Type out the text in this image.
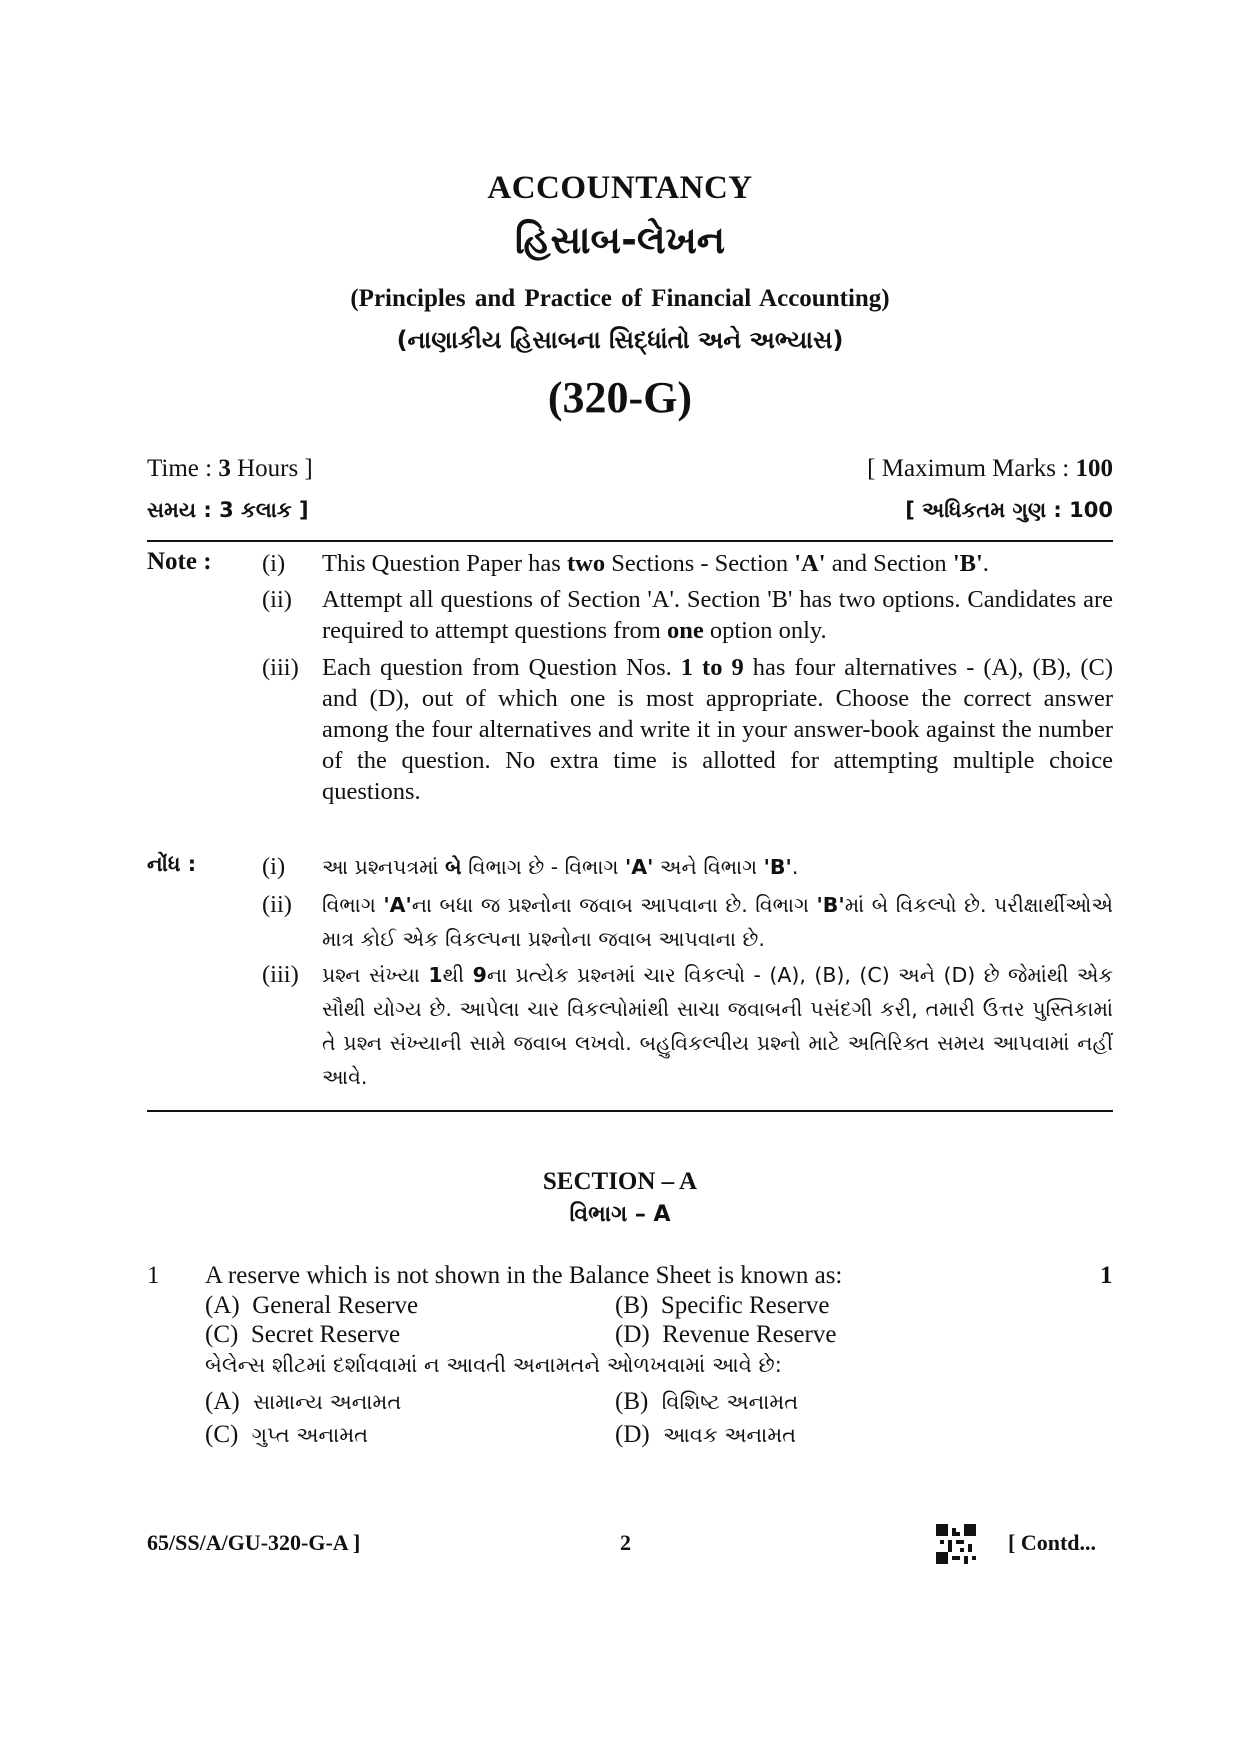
ACCOUNTANCY
હિસાબ-લેખન
(Principles and Practice of Financial Accounting)
(નાણાકીય હિસાબના સિદ્ધાંતો અને અભ્યાસ)
(320-G)
Time : 3 Hours ]	[ Maximum Marks : 100
સમય : 3 કલાક ]	[ અધિકતમ ગુણ : 100
Note : (i) This Question Paper has two Sections - Section 'A' and Section 'B'.
(ii) Attempt all questions of Section 'A'. Section 'B' has two options. Candidates are required to attempt questions from one option only.
(iii) Each question from Question Nos. 1 to 9 has four alternatives - (A), (B), (C) and (D), out of which one is most appropriate. Choose the correct answer among the four alternatives and write it in your answer-book against the number of the question. No extra time is allotted for attempting multiple choice questions.
નોંધ :	(i) આ પ્રશ્નપત્રમાં બે વિભાગ છે - વિભાગ 'A' અને વિભાગ 'B'.
(ii) વિભાગ 'A'ના બધા જ પ્રશ્નોના જવાબ આપવાના છે. વિભાગ 'B'માં બે વિકલ્પો છે. પરીક્ષાર્થીઓએ માત્ર કોઈ એક વિકલ્પના પ્રશ્નોના જવાબ આપવાના છે.
(iii) પ્રશ્ન સંખ્યા 1થી 9ના પ્રત્યેક પ્રશ્નમાં ચાર વિકલ્પો - (A), (B), (C) અને (D) છે જેમાંથી એક સૌથી યોગ્ય છે. આપેલા ચાર વિકલ્પોમાંથી સાચા જવાબની પસંદગી કરી, તમારી ઉત્તર પુસ્તિકામાં તે પ્રશ્ન સંખ્યાની સામે જવાબ લખવો. બહુવિકલ્પીય પ્રશ્નો માટે અતિરિક્ત સમય આપવામાં નહીં આવે.
SECTION – A
વિભાગ – A
1 A reserve which is not shown in the Balance Sheet is known as:	1
(A) General Reserve	(B) Specific Reserve
(C) Secret Reserve	(D) Revenue Reserve
બેલેન્સ શીટમાં દર્શાવવામાં ન આવતી અનામતને ઓળખવામાં આવે છે:
(A) સામાન્ય અનામત	(B) વિશિષ્ટ અનામત
(C) ગુપ્ત અનામત	(D) આવક અનામત
65/SS/A/GU-320-G-A ]	2	[ Contd...
